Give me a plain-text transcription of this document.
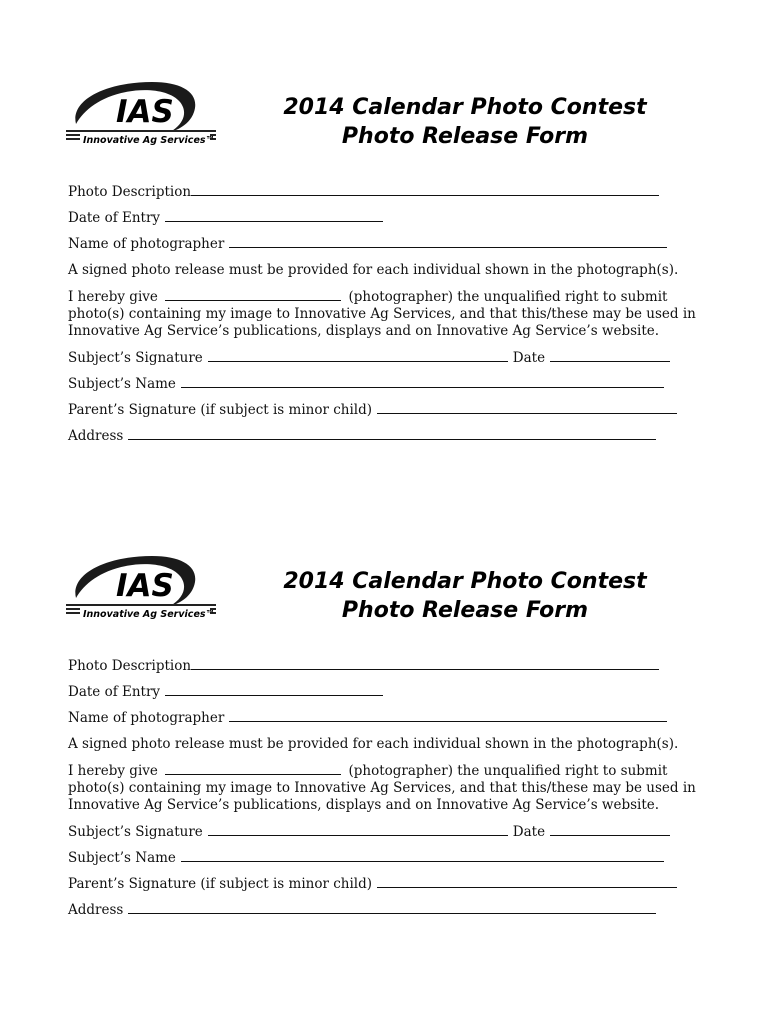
IAS
Innovative Ag Services™
2014 Calendar Photo Contest
Photo Release Form
Photo Description
Date of Entry
Name of photographer
A signed photo release must be provided for each individual shown in the photograph(s).
I hereby give	(photographer) the unqualified right to submit photo(s) containing my image to Innovative Ag Services, and that this/these may be used in Innovative Ag Service’s publications, displays and on Innovative Ag Service’s website.
Subject’s Signature	Date
Subject’s Name
Parent’s Signature (if subject is minor child)
Address
IAS
Innovative Ag Services™
2014 Calendar Photo Contest
Photo Release Form
Photo Description
Date of Entry
Name of photographer
A signed photo release must be provided for each individual shown in the photograph(s).
I hereby give	(photographer) the unqualified right to submit photo(s) containing my image to Innovative Ag Services, and that this/these may be used in Innovative Ag Service’s publications, displays and on Innovative Ag Service’s website.
Subject’s Signature	Date
Subject’s Name
Parent’s Signature (if subject is minor child)
Address
